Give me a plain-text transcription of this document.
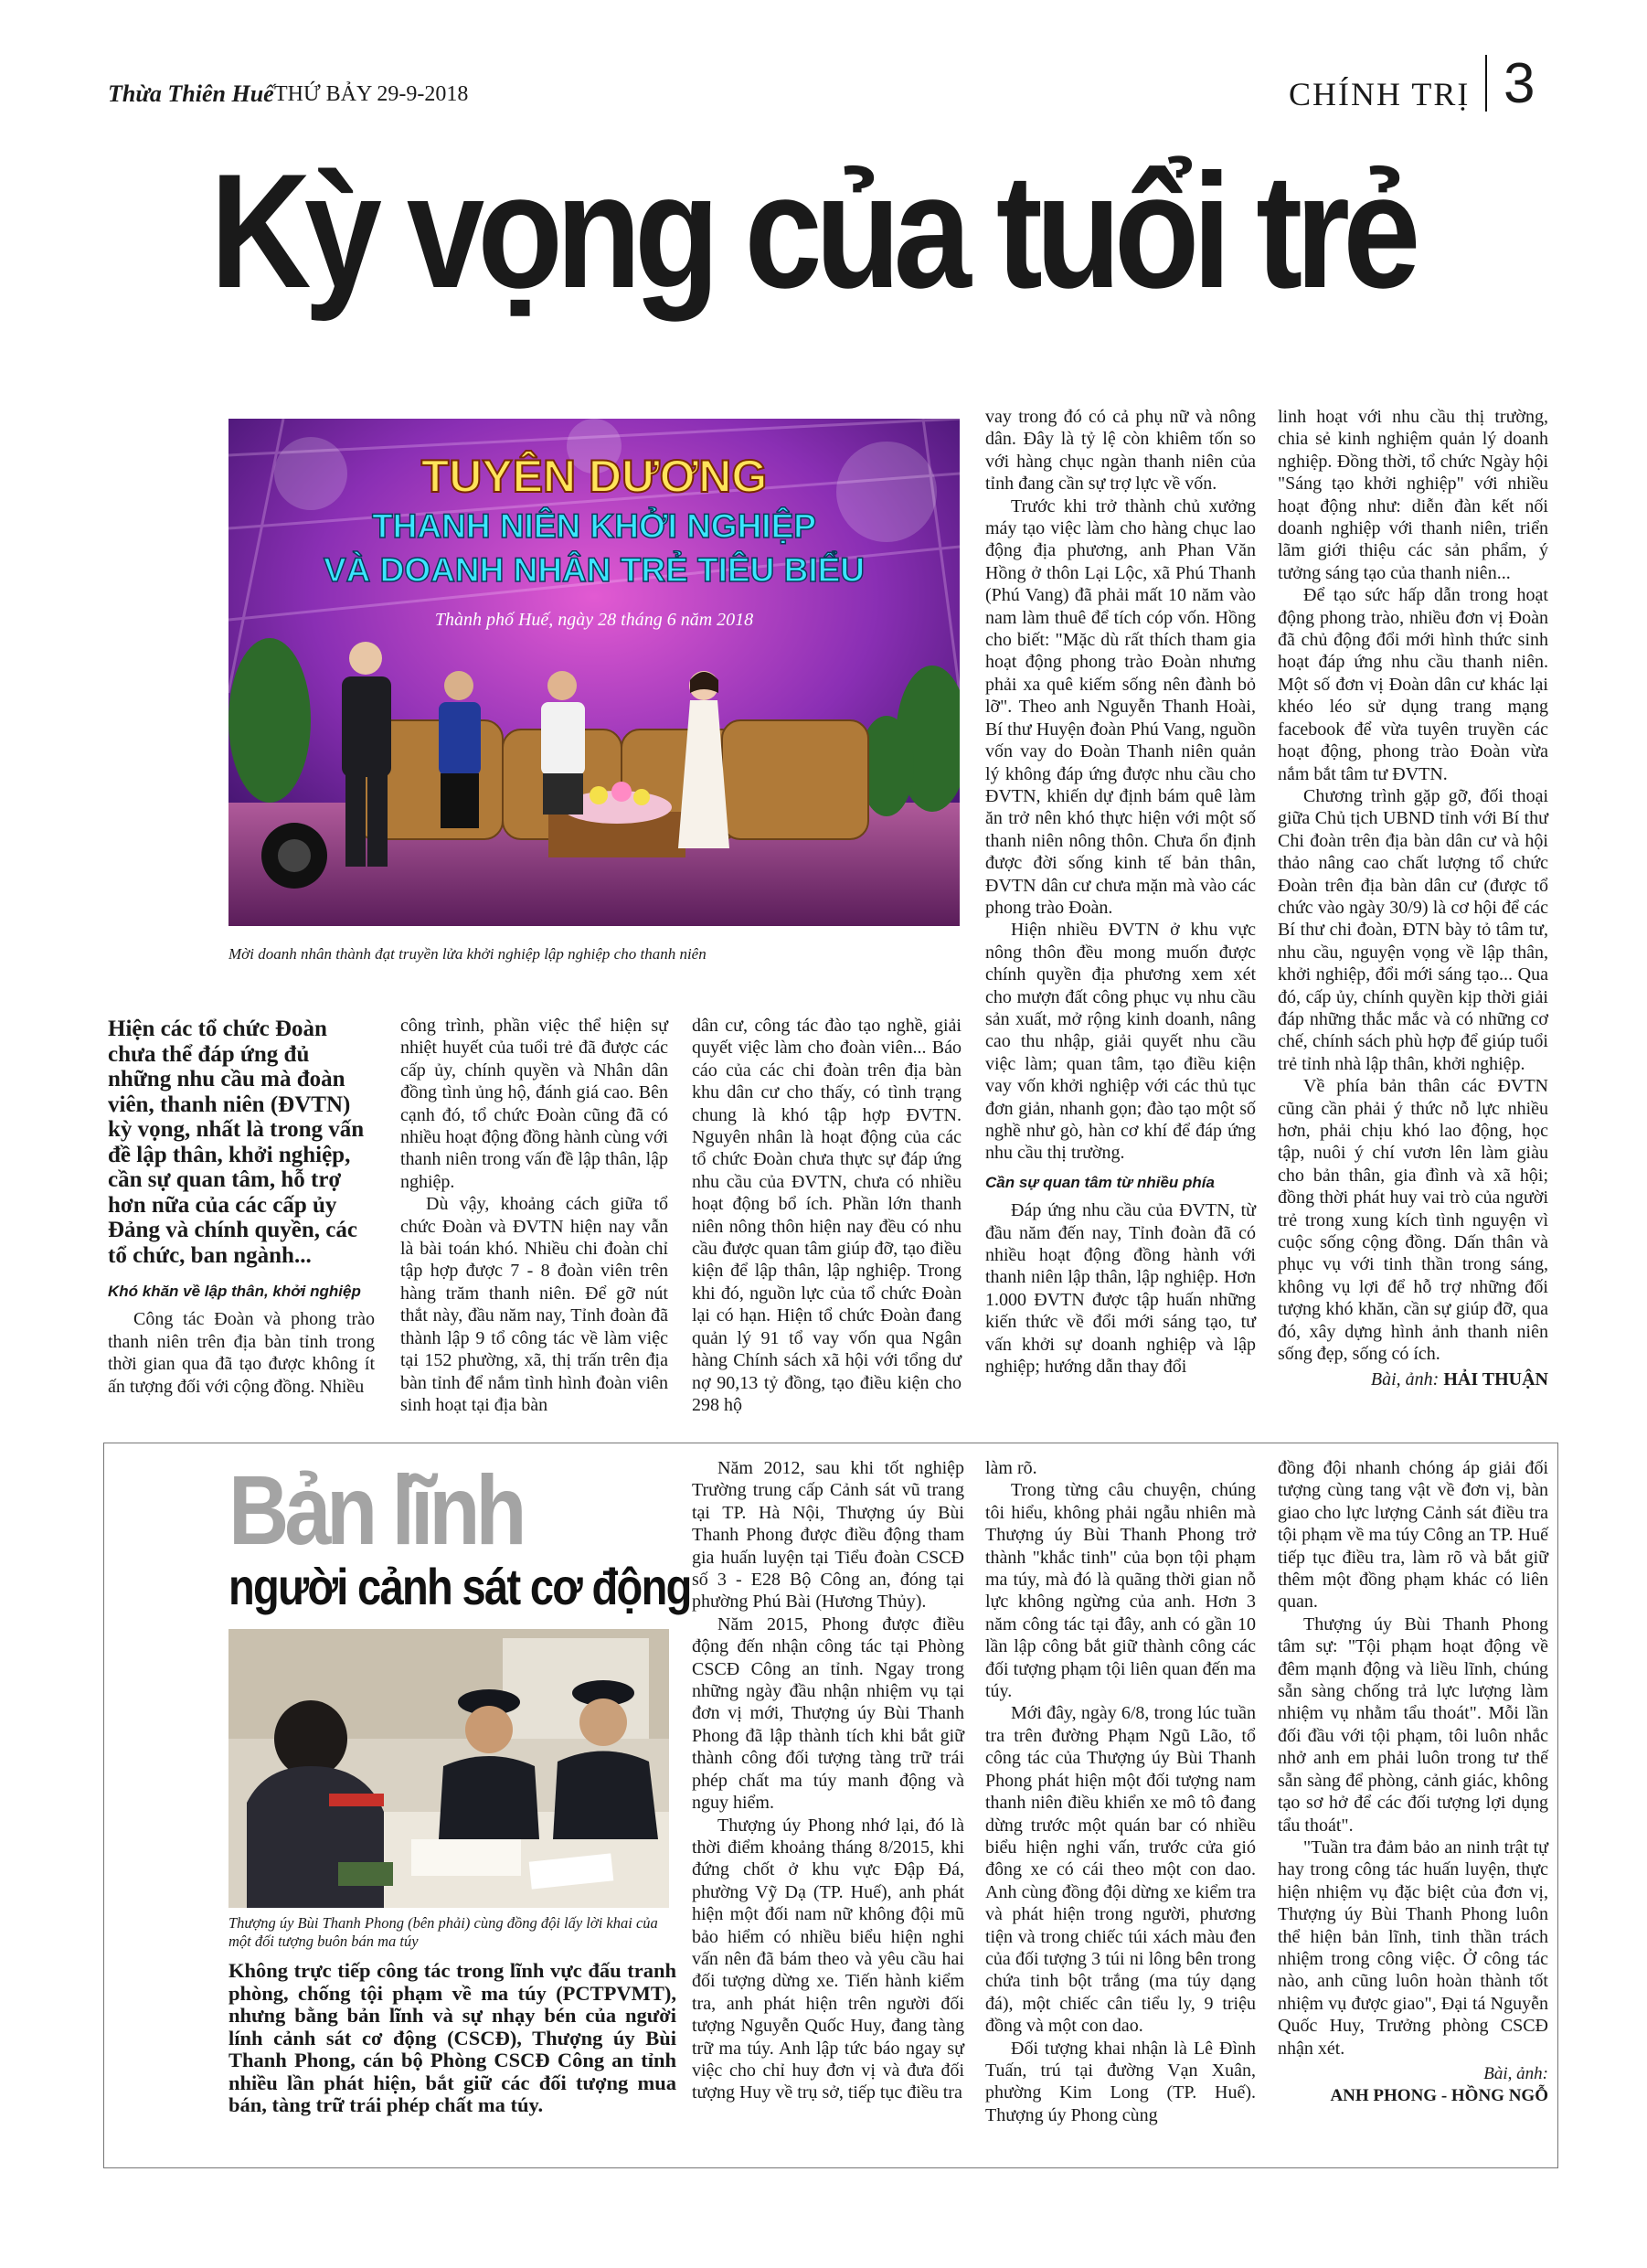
Thừa Thiên Huế THỨ BẢY 29-9-2018	CHÍNH TRỊ 3
Kỳ vọng của tuổi trẻ
TUYÊN DƯƠNG
THANH NIÊN KHỞI NGHIỆP
VÀ DOANH NHÂN TRẺ TIÊU BIỂU
Thành phố Huế, ngày 28 tháng 6 năm 2018
Mời doanh nhân thành đạt truyền lửa khởi nghiệp lập nghiệp cho thanh niên
Hiện các tổ chức Đoàn chưa thể đáp ứng đủ những nhu cầu mà đoàn viên, thanh niên (ĐVTN) kỳ vọng, nhất là trong vấn đề lập thân, khởi nghiệp, cần sự quan tâm, hỗ trợ hơn nữa của các cấp ủy Đảng và chính quyền, các tổ chức, ban ngành...

Khó khăn về lập thân, khởi nghiệp

Công tác Đoàn và phong trào thanh niên trên địa bàn tỉnh trong thời gian qua đã tạo được không ít ấn tượng đối với cộng đồng. Nhiều

công trình, phần việc thể hiện sự nhiệt huyết của tuổi trẻ đã được các cấp ủy, chính quyền và Nhân dân đồng tình ủng hộ, đánh giá cao. Bên cạnh đó, tổ chức Đoàn cũng đã có nhiều hoạt động đồng hành cùng với thanh niên trong vấn đề lập thân, lập nghiệp.

Dù vậy, khoảng cách giữa tổ chức Đoàn và ĐVTN hiện nay vẫn là bài toán khó. Nhiều chi đoàn chỉ tập hợp được 7 - 8 đoàn viên trên hàng trăm thanh niên. Để gỡ nút thắt này, đầu năm nay, Tỉnh đoàn đã thành lập 9 tổ công tác về làm việc tại 152 phường, xã, thị trấn trên địa bàn tỉnh để nắm tình hình đoàn viên sinh hoạt tại địa bàn

dân cư, công tác đào tạo nghề, giải quyết việc làm cho đoàn viên... Báo cáo của các chi đoàn trên địa bàn khu dân cư cho thấy, có tình trạng chung là khó tập hợp ĐVTN. Nguyên nhân là hoạt động của các tổ chức Đoàn chưa thực sự đáp ứng nhu cầu của ĐVTN, chưa có nhiều hoạt động bổ ích. Phần lớn thanh niên nông thôn hiện nay đều có nhu cầu được quan tâm giúp đỡ, tạo điều kiện để lập thân, lập nghiệp. Trong khi đó, nguồn lực của tổ chức Đoàn lại có hạn. Hiện tổ chức Đoàn đang quản lý 91 tổ vay vốn qua Ngân hàng Chính sách xã hội với tổng dư nợ 90,13 tỷ đồng, tạo điều kiện cho 298 hộ

vay trong đó có cả phụ nữ và nông dân. Đây là tỷ lệ còn khiêm tốn so với hàng chục ngàn thanh niên của tỉnh đang cần sự trợ lực về vốn.

Trước khi trở thành chủ xưởng máy tạo việc làm cho hàng chục lao động địa phương, anh Phan Văn Hồng ở thôn Lại Lộc, xã Phú Thanh (Phú Vang) đã phải mất 10 năm vào nam làm thuê để tích cóp vốn. Hồng cho biết: "Mặc dù rất thích tham gia hoạt động phong trào Đoàn nhưng phải xa quê kiếm sống nên đành bỏ lỡ". Theo anh Nguyễn Thanh Hoài, Bí thư Huyện đoàn Phú Vang, nguồn vốn vay do Đoàn Thanh niên quản lý không đáp ứng được nhu cầu cho ĐVTN, khiến dự định bám quê làm ăn trở nên khó thực hiện với một số thanh niên nông thôn. Chưa ổn định được đời sống kinh tế bản thân, ĐVTN dân cư chưa mặn mà vào các phong trào Đoàn.

Hiện nhiều ĐVTN ở khu vực nông thôn đều mong muốn được chính quyền địa phương xem xét cho mượn đất công phục vụ nhu cầu sản xuất, mở rộng kinh doanh, nâng cao thu nhập, giải quyết nhu cầu việc làm; quan tâm, tạo điều kiện vay vốn khởi nghiệp với các thủ tục đơn giản, nhanh gọn; đào tạo một số nghề như gò, hàn cơ khí để đáp ứng nhu cầu thị trường.

Cần sự quan tâm từ nhiều phía

Đáp ứng nhu cầu của ĐVTN, từ đầu năm đến nay, Tỉnh đoàn đã có nhiều hoạt động đồng hành với thanh niên lập thân, lập nghiệp. Hơn 1.000 ĐVTN được tập huấn những kiến thức về đổi mới sáng tạo, tư vấn khởi sự doanh nghiệp và lập nghiệp; hướng dẫn thay đổi

linh hoạt với nhu cầu thị trường, chia sẻ kinh nghiệm quản lý doanh nghiệp. Đồng thời, tổ chức Ngày hội "Sáng tạo khởi nghiệp" với nhiều hoạt động như: diễn đàn kết nối doanh nghiệp với thanh niên, triển lãm giới thiệu các sản phẩm, ý tưởng sáng tạo của thanh niên...

Để tạo sức hấp dẫn trong hoạt động phong trào, nhiều đơn vị Đoàn đã chủ động đổi mới hình thức sinh hoạt đáp ứng nhu cầu thanh niên. Một số đơn vị Đoàn dân cư khác lại khéo léo sử dụng trang mạng facebook để vừa tuyên truyền các hoạt động, phong trào Đoàn vừa nắm bắt tâm tư ĐVTN.

Chương trình gặp gỡ, đối thoại giữa Chủ tịch UBND tỉnh với Bí thư Chi đoàn trên địa bàn dân cư và hội thảo nâng cao chất lượng tổ chức Đoàn trên địa bàn dân cư (được tổ chức vào ngày 30/9) là cơ hội để các Bí thư chi đoàn, ĐTN bày tỏ tâm tư, nhu cầu, nguyện vọng về lập thân, khởi nghiệp, đổi mới sáng tạo... Qua đó, cấp ủy, chính quyền kịp thời giải đáp những thắc mắc và có những cơ chế, chính sách phù hợp để giúp tuổi trẻ tỉnh nhà lập thân, khởi nghiệp.

Về phía bản thân các ĐVTN cũng cần phải ý thức nỗ lực nhiều hơn, phải chịu khó lao động, học tập, nuôi ý chí vươn lên làm giàu cho bản thân, gia đình và xã hội; đồng thời phát huy vai trò của người trẻ trong xung kích tình nguyện vì cuộc sống cộng đồng. Dấn thân và phục vụ với tinh thần trong sáng, không vụ lợi để hỗ trợ những đối tượng khó khăn, cần sự giúp đỡ, qua đó, xây dựng hình ảnh thanh niên sống đẹp, sống có ích.

Bài, ảnh: HẢI THUẬN
Bản lĩnh
người cảnh sát cơ động
Thượng úy Bùi Thanh Phong (bên phải) cùng đồng đội lấy lời khai của một đối tượng buôn bán ma túy
Không trực tiếp công tác trong lĩnh vực đấu tranh phòng, chống tội phạm về ma túy (PCTPVMT), nhưng bằng bản lĩnh và sự nhạy bén của người lính cảnh sát cơ động (CSCĐ), Thượng úy Bùi Thanh Phong, cán bộ Phòng CSCĐ Công an tỉnh nhiều lần phát hiện, bắt giữ các đối tượng mua bán, tàng trữ trái phép chất ma túy.

Năm 2012, sau khi tốt nghiệp Trường trung cấp Cảnh sát vũ trang tại TP. Hà Nội, Thượng úy Bùi Thanh Phong được điều động tham gia huấn luyện tại Tiểu đoàn CSCĐ số 3 - E28 Bộ Công an, đóng tại phường Phú Bài (Hương Thủy).

Năm 2015, Phong được điều động đến nhận công tác tại Phòng CSCĐ Công an tỉnh. Ngay trong những ngày đầu nhận nhiệm vụ tại đơn vị mới, Thượng úy Bùi Thanh Phong đã lập thành tích khi bắt giữ thành công đối tượng tàng trữ trái phép chất ma túy manh động và nguy hiểm.

Thượng úy Phong nhớ lại, đó là thời điểm khoảng tháng 8/2015, khi đứng chốt ở khu vực Đập Đá, phường Vỹ Dạ (TP. Huế), anh phát hiện một đối nam nữ không đội mũ bảo hiểm có nhiều biểu hiện nghi vấn nên đã bám theo và yêu cầu hai đối tượng dừng xe. Tiến hành kiểm tra, anh phát hiện trên người đối tượng Nguyễn Quốc Huy, đang tàng trữ ma túy. Anh lập tức báo ngay sự việc cho chỉ huy đơn vị và đưa đối tượng Huy về trụ sở, tiếp tục điều tra

làm rõ.

Trong từng câu chuyện, chúng tôi hiểu, không phải ngẫu nhiên mà Thượng úy Bùi Thanh Phong trở thành "khắc tinh" của bọn tội phạm ma túy, mà đó là quãng thời gian nỗ lực không ngừng của anh. Hơn 3 năm công tác tại đây, anh có gần 10 lần lập công bắt giữ thành công các đối tượng phạm tội liên quan đến ma túy.

Mới đây, ngày 6/8, trong lúc tuần tra trên đường Phạm Ngũ Lão, tổ công tác của Thượng úy Bùi Thanh Phong phát hiện một đối tượng nam thanh niên điều khiển xe mô tô đang dừng trước một quán bar có nhiều biểu hiện nghi vấn, trước cửa gió đông xe có cái theo một con dao. Anh cùng đồng đội dừng xe kiểm tra và phát hiện trong người, phương tiện và trong chiếc túi xách màu đen của đối tượng 3 túi ni lông bên trong chứa tinh bột trắng (ma túy dạng đá), một chiếc cân tiểu ly, 9 triệu đồng và một con dao.

Đối tượng khai nhận là Lê Đình Tuấn, trú tại đường Vạn Xuân, phường Kim Long (TP. Huế). Thượng úy Phong cùng

đồng đội nhanh chóng áp giải đối tượng cùng tang vật về đơn vị, bàn giao cho lực lượng Cảnh sát điều tra tội phạm về ma túy Công an TP. Huế tiếp tục điều tra, làm rõ và bắt giữ thêm một đồng phạm khác có liên quan.

Thượng úy Bùi Thanh Phong tâm sự: "Tội phạm hoạt động về đêm mạnh động và liều lĩnh, chúng sẵn sàng chống trả lực lượng làm nhiệm vụ nhằm tẩu thoát". Mỗi lần đối đầu với tội phạm, tôi luôn nhắc nhở anh em phải luôn trong tư thế sẵn sàng để phòng, cảnh giác, không tạo sơ hở để các đối tượng lợi dụng tẩu thoát".

"Tuần tra đảm bảo an ninh trật tự hay trong công tác huấn luyện, thực hiện nhiệm vụ đặc biệt của đơn vị, Thượng úy Bùi Thanh Phong luôn thể hiện bản lĩnh, tinh thần trách nhiệm trong công việc. Ở công tác nào, anh cũng luôn hoàn thành tốt nhiệm vụ được giao", Đại tá Nguyễn Quốc Huy, Trưởng phòng CSCĐ nhận xét.

Bài, ảnh:
ANH PHONG - HỒNG NGỖ
